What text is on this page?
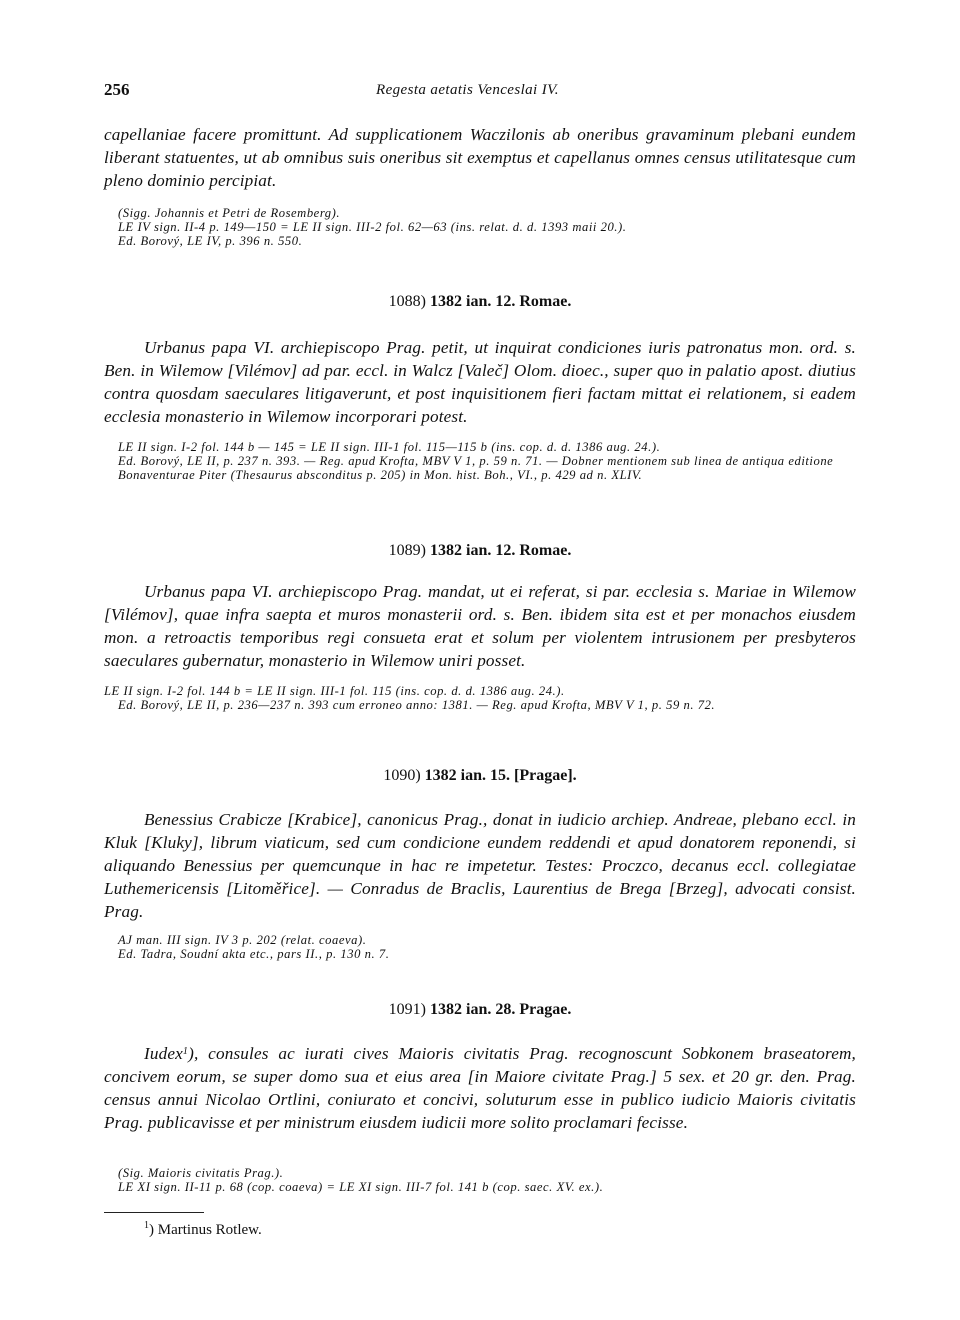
256	Regesta aetatis Venceslai IV.

capellaniae facere promittunt. Ad supplicationem Waczilonis ab oneribus gravaminum plebani eundem liberant statuentes, ut ab omnibus suis oneribus sit exemptus et capellanus omnes census utilitatesque cum pleno dominio percipiat.

(Sigg. Johannis et Petri de Rosemberg).

LE IV sign. II-4 p. 149—150 = LE II sign. III-2 fol. 62—63 (ins. relat. d. d. 1393 maii 20.).

Ed. Borový, LE IV, p. 396 n. 550.

1088) 1382 ian. 12. Romae.

Urbanus papa VI. archiepiscopo Prag. petit, ut inquirat condiciones iuris patronatus mon. ord. s. Ben. in Wilemow [Vilémov] ad par. eccl. in Walcz [Valeč] Olom. dioec., super quo in palatio apost. diutius contra quosdam saeculares litigaverunt, et post inquisitionem fieri factam mittat ei relationem, si eadem ecclesia monasterio in Wilemow incorporari potest.

LE II sign. I-2 fol. 144 b — 145 = LE II sign. III-1 fol. 115—115 b (ins. cop. d. d. 1386 aug. 24.).

Ed. Borový, LE II, p. 237 n. 393. — Reg. apud Krofta, MBV V 1, p. 59 n. 71. — Dobner mentionem sub linea de antiqua editione Bonaventurae Piter (Thesaurus absconditus p. 205) in Mon. hist. Boh., VI., p. 429 ad n. XLIV.

1089) 1382 ian. 12. Romae.

Urbanus papa VI. archiepiscopo Prag. mandat, ut ei referat, si par. ecclesia s. Mariae in Wilemow [Vilémov], quae infra saepta et muros monasterii ord. s. Ben. ibidem sita est et per monachos eiusdem mon. a retroactis temporibus regi consueta erat et solum per violentem intrusionem per presbyteros saeculares gubernatur, monasterio in Wilemow uniri posset.

LE II sign. I-2 fol. 144 b = LE II sign. III-1 fol. 115 (ins. cop. d. d. 1386 aug. 24.).

Ed. Borový, LE II, p. 236—237 n. 393 cum erroneo anno: 1381. — Reg. apud Krofta, MBV V 1, p. 59 n. 72.

1090) 1382 ian. 15. [Pragae].

Benessius Crabicze [Krabice], canonicus Prag., donat in iudicio archiep. Andreae, plebano eccl. in Kluk [Kluky], librum viaticum, sed cum condicione eundem reddendi et apud donatorem reponendi, si aliquando Benessius per quemcunque in hac re impetetur. Testes: Proczco, decanus eccl. collegiatae Luthemericensis [Litoměřice]. — Conradus de Braclis, Laurentius de Brega [Brzeg], advocati consist. Prag.

AJ man. III sign. IV 3 p. 202 (relat. coaeva).

Ed. Tadra, Soudní akta etc., pars II., p. 130 n. 7.

1091) 1382 ian. 28. Pragae.

Iudex$^1$), consules ac iurati cives Maioris civitatis Prag. recognoscunt Sobkonem braseatorem, concivem eorum, se super domo sua et eius area [in Maiore civitate Prag.] 5 sex. et 20 gr. den. Prag. census annui Nicolao Ortlini, coniurato et concivi, soluturum esse in publico iudicio Maioris civitatis Prag. publicavisse et per ministrum eiusdem iudicii more solito proclamari fecisse.

(Sig. Maioris civitatis Prag.).

LE XI sign. II-11 p. 68 (cop. coaeva) = LE XI sign. III-7 fol. 141 b (cop. saec. XV. ex.).

$^1$) Martinus Rotlew.
